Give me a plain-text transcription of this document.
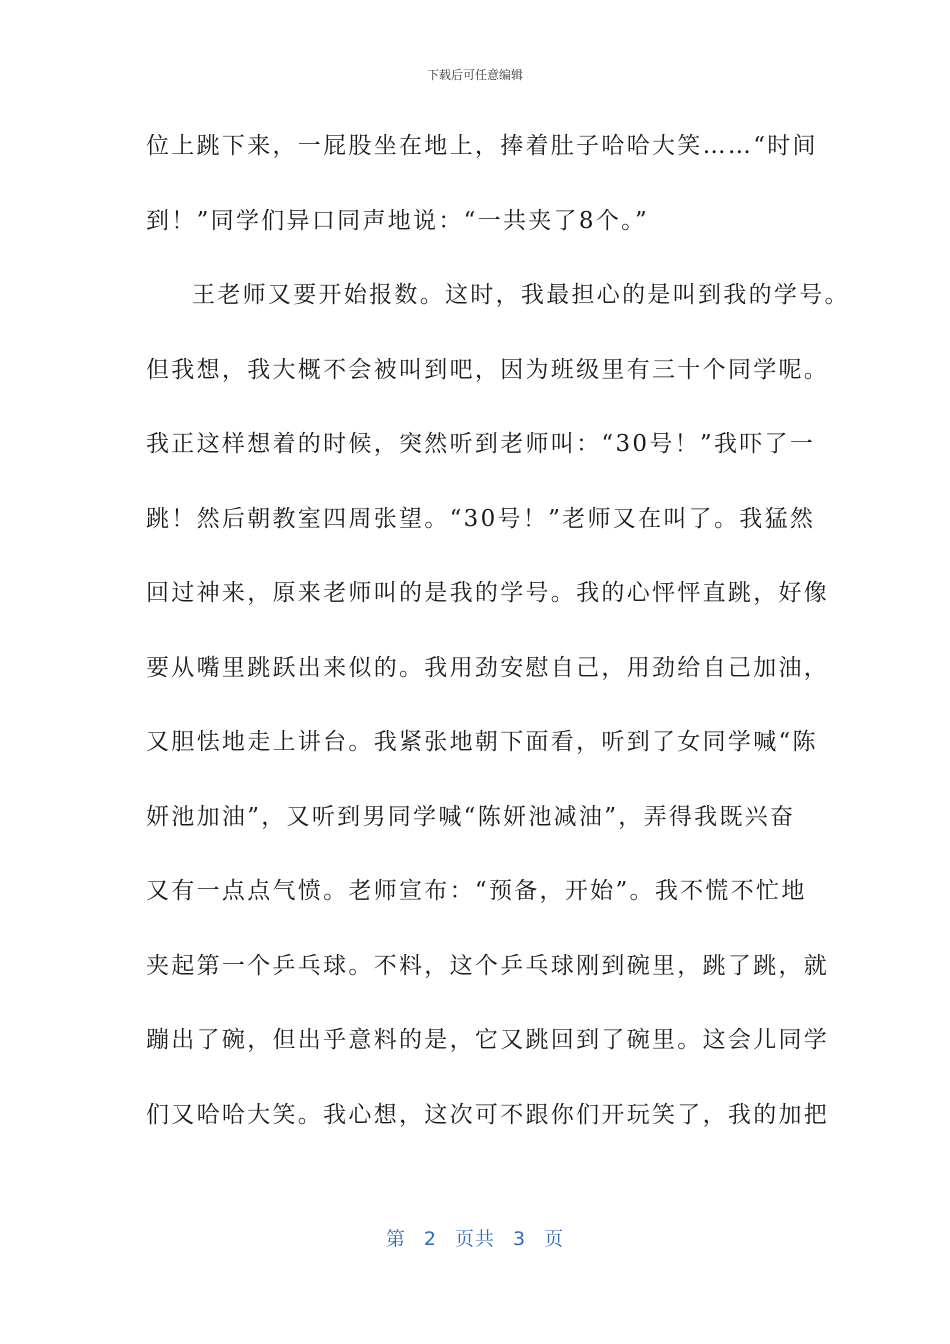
下载后可任意编辑
位上跳下来，一屁股坐在地上，捧着肚子哈哈大笑……“时间
到！”同学们异口同声地说：“一共夹了8个。”
王老师又要开始报数。这时，我最担心的是叫到我的学号。
但我想，我大概不会被叫到吧，因为班级里有三十个同学呢。
我正这样想着的时候，突然听到老师叫：“30号！”我吓了一
跳！然后朝教室四周张望。“30号！”老师又在叫了。我猛然
回过神来，原来老师叫的是我的学号。我的心怦怦直跳，好像
要从嘴里跳跃出来似的。我用劲安慰自己，用劲给自己加油，
又胆怯地走上讲台。我紧张地朝下面看，听到了女同学喊“陈
妍池加油”，又听到男同学喊“陈妍池减油”，弄得我既兴奋
又有一点点气愤。老师宣布：“预备，开始”。我不慌不忙地
夹起第一个乒乓球。不料，这个乒乓球刚到碗里，跳了跳，就
蹦出了碗，但出乎意料的是，它又跳回到了碗里。这会儿同学
们又哈哈大笑。我心想，这次可不跟你们开玩笑了，我的加把
第 2 页共 3 页
